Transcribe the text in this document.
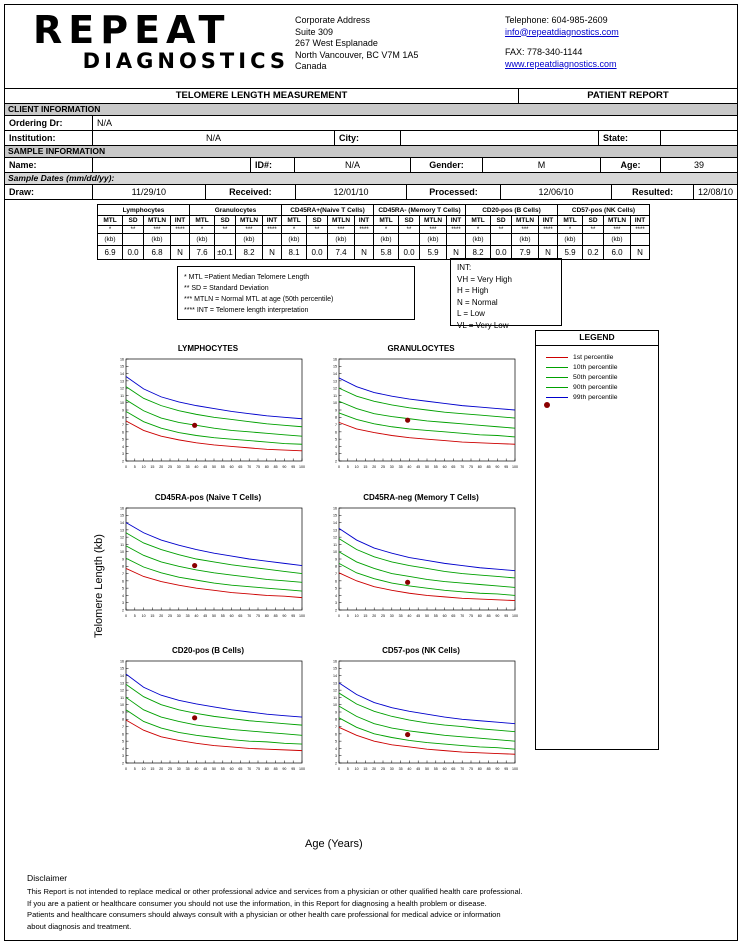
REPEAT
DIAGNOSTICS
Corporate Address
Suite 309
267 West Esplanade
North Vancouver, BC V7M 1A5
Canada
Telephone: 604-985-2609
info@repeatdiagnostics.com
FAX: 778-340-1144
www.repeatdiagnostics.com
TELOMERE LENGTH MEASUREMENT	PATIENT REPORT
CLIENT INFORMATION
Ordering Dr:	N/A
Institution:	N/A	City:	State:
SAMPLE INFORMATION
Name:	ID#:	N/A	Gender:	M	Age:	39
Sample Dates (mm/dd/yy):
Draw:	11/29/10	Received:	12/01/10	Processed:	12/06/10	Resulted:	12/08/10
Lymphocytes				Granulocytes				CD45RA+(Naive T Cells)				CD45RA- (Memory T Cells)				CD20-pos (B Cells)				CD57-pos (NK Cells)			
MTL	SD	MTLN	INT	MTL	SD	MTLN	INT	MTL	SD	MTLN	INT	MTL	SD	MTLN	INT	MTL	SD	MTLN	INT	MTL	SD	MTLN	INT
*	**	***	****	*	**	***	****	*	**	***	****	*	**	***	****	*	**	***	****	*	**	***	****
(kb)		(kb)		(kb)		(kb)		(kb)		(kb)		(kb)		(kb)		(kb)		(kb)		(kb)		(kb)	
6.9	0.0	6.8	N	7.6	±0.1	8.2	N	8.1	0.0	7.4	N	5.8	0.0	5.9	N	8.2	0.0	7.9	N	5.9	0.2	6.0	N
* MTL =Patient Median Telomere Length
** SD = Standard Deviation
*** MTLN = Normal MTL at age (50th percentile)
**** INT = Telomere length interpretation
INT:
VH = Very High
H = High
N = Normal
L = Low
VL = Very Low
Telomere Length (kb)
Age (Years)
LEGEND
1st percentile
10th percentile
50th percentile
90th percentile
99th percentile
LYMPHOCYTES
0 5 10 15 20 25 30 35 40 45 50 55 60 65 70 75 80 85 90 95 100
2
3
4
5
6
7
8
9
10
11
12
13
14
15
16
GRANULOCYTES
0 5 10 15 20 25 30 35 40 45 50 55 60 65 70 75 80 85 90 95 100
2
3
4
5
6
7
8
9
10
11
12
13
14
15
16
CD45RA-pos (Naive T Cells)
0 5 10 15 20 25 30 35 40 45 50 55 60 65 70 75 80 85 90 95 100
2
3
4
5
6
7
8
9
10
11
12
13
14
15
16
CD45RA-neg (Memory T Cells)
0 5 10 15 20 25 30 35 40 45 50 55 60 65 70 75 80 85 90 95 100
2
3
4
5
6
7
8
9
10
11
12
13
14
15
16
CD20-pos (B Cells)
0 5 10 15 20 25 30 35 40 45 50 55 60 65 70 75 80 85 90 95 100
2
3
4
5
6
7
8
9
10
11
12
13
14
15
16
CD57-pos (NK Cells)
0 5 10 15 20 25 30 35 40 45 50 55 60 65 70 75 80 85 90 95 100
2
3
4
5
6
7
8
9
10
11
12
13
14
15
16
Disclaimer
This Report is not intended to replace medical or other professional advice and services from a physician or other qualified health care professional.
If you are a patient or healthcare consumer you should not use the information, in this Report for diagnosing a health problem or disease.
Patients and healthcare consumers should always consult with a physician or other health care professional for medical advice or information
about diagnosis and treatment.
